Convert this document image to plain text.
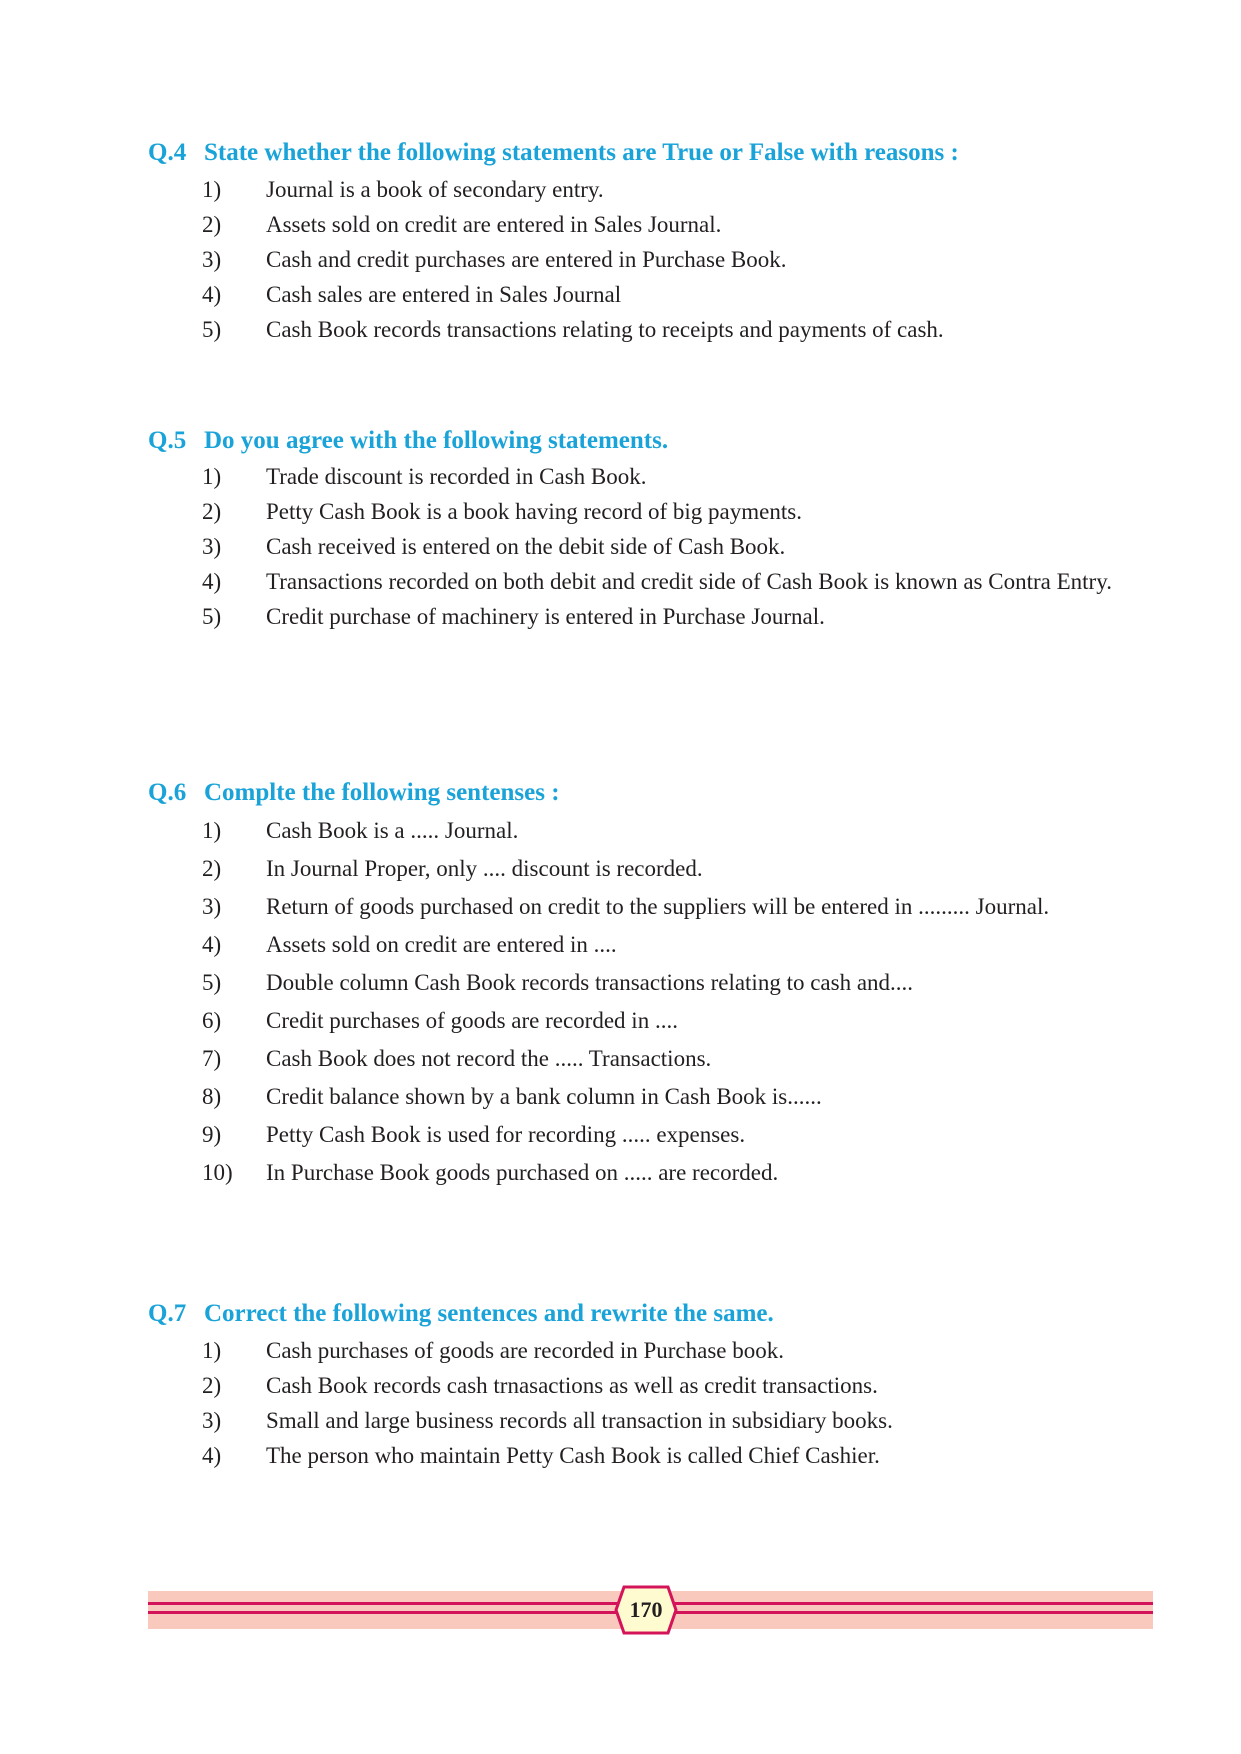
Q.4 State whether the following statements are True or False with reasons :
1) Journal is a book of secondary entry.
2) Assets sold on credit are entered in Sales Journal.
3) Cash and credit purchases are entered in Purchase Book.
4) Cash sales are entered in Sales Journal
5) Cash Book records transactions relating to receipts and payments of cash.
Q.5 Do you agree with the following statements.
1) Trade discount is recorded in Cash Book.
2) Petty Cash Book is a book having record of big payments.
3) Cash received is entered on the debit side of Cash Book.
4) Transactions recorded on both debit and credit side of Cash Book is known as Contra Entry.
5) Credit purchase of machinery is entered in Purchase Journal.
Q.6 Complte the following sentenses :
1) Cash Book is a ..... Journal.
2) In Journal Proper, only .... discount is recorded.
3) Return of goods purchased on credit to the suppliers will be entered in ......... Journal.
4) Assets sold on credit are entered in ....
5) Double column Cash Book records transactions relating to cash and....
6) Credit purchases of goods are recorded in ....
7) Cash Book does not record the ..... Transactions.
8) Credit balance shown by a bank column in Cash Book is......
9) Petty Cash Book is used for recording ..... expenses.
10) In Purchase Book goods purchased on ..... are recorded.
Q.7 Correct the following sentences and rewrite the same.
1) Cash purchases of goods are recorded in Purchase book.
2) Cash Book records cash trnasactions as well as credit transactions.
3) Small and large business records all transaction in subsidiary books.
4) The person who maintain Petty Cash Book is called Chief Cashier.
170
